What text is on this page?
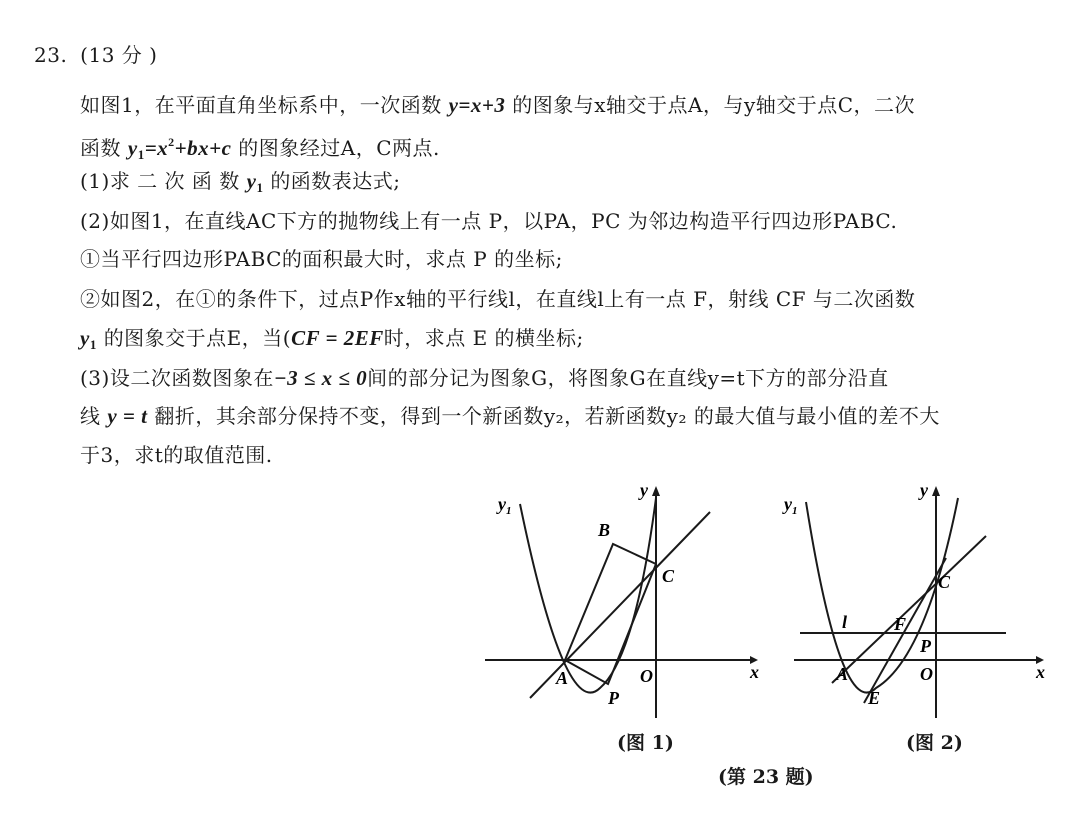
23. (13 分 )
如图1，在平面直角坐标系中，一次函数 y=x+3 的图象与x轴交于点A，与y轴交于点C，二次
函数 $y_1=x^2+bx+c$ 的图象经过A，C两点.
(1)求 二 次 函 数 $y_1$ 的函数表达式;
(2)如图1，在直线AC下方的抛物线上有一点 P，以PA，PC 为邻边构造平行四边形PABC.
①当平行四边形PABC的面积最大时，求点 P 的坐标;
②如图2，在①的条件下，过点P作x轴的平行线l，在直线l上有一点 F，射线 CF 与二次函数
$y_1$ 的图象交于点E，当(CF = 2EF时，求点 E 的横坐标;
(3)设二次函数图象在−3 ≤ x ≤ 0间的部分记为图象G，将图象G在直线y=t下方的部分沿直
线 y = t 翻折，其余部分保持不变，得到一个新函数y₂，若新函数y₂ 的最大值与最小值的差不大
于3，求t的取值范围.
$y_1$
y
x
B
C
A	O
P
(图 1)
$y_1$
y
x
l	F
C
P
A	O
E
(图 2)
(第 23 题)
